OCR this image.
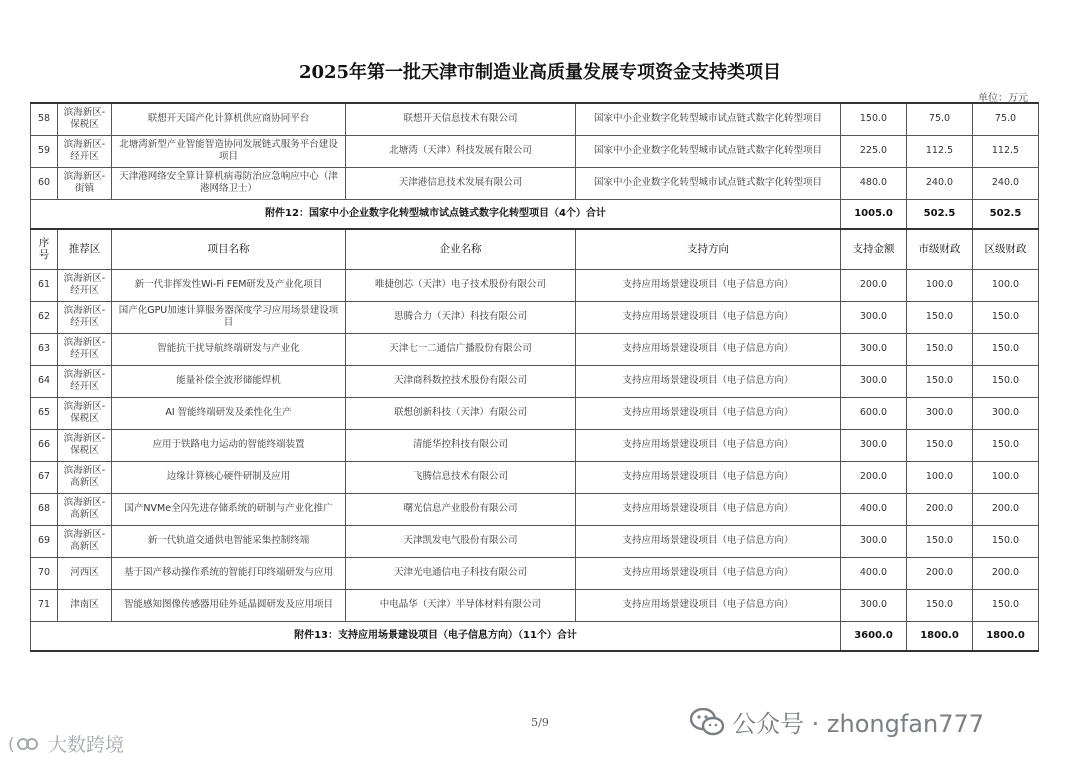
2025年第一批天津市制造业高质量发展专项资金支持类项目
单位：万元
58	滨海新区-保税区	联想开天国产化计算机供应商协同平台	联想开天信息技术有限公司	国家中小企业数字化转型城市试点链式数字化转型项目	150.0	75.0	75.0
59	滨海新区-经开区	北塘湾新型产业智能智造协同发展链式服务平台建设项目	北塘湾（天津）科技发展有限公司	国家中小企业数字化转型城市试点链式数字化转型项目	225.0	112.5	112.5
60	滨海新区-街镇	天津港网络安全算计算机病毒防治应急响应中心（津港网络卫士）	天津港信息技术发展有限公司	国家中小企业数字化转型城市试点链式数字化转型项目	480.0	240.0	240.0
附件12：国家中小企业数字化转型城市试点链式数字化转型项目（4个）合计					1005.0	502.5	502.5
序号	推荐区	项目名称	企业名称	支持方向	支持金额	市级财政	区级财政
61	滨海新区-经开区	新一代非挥发性Wi-Fi FEM研发及产业化项目	唯捷创芯（天津）电子技术股份有限公司	支持应用场景建设项目（电子信息方向）	200.0	100.0	100.0
62	滨海新区-经开区	国产化GPU加速计算服务器深度学习应用场景建设项目	思腾合力（天津）科技有限公司	支持应用场景建设项目（电子信息方向）	300.0	150.0	150.0
63	滨海新区-经开区	智能抗干扰导航终端研发与产业化	天津七一二通信广播股份有限公司	支持应用场景建设项目（电子信息方向）	300.0	150.0	150.0
64	滨海新区-经开区	能量补偿全波形储能焊机	天津商科数控技术股份有限公司	支持应用场景建设项目（电子信息方向）	300.0	150.0	150.0
65	滨海新区-保税区	AI 智能终端研发及柔性化生产	联想创新科技（天津）有限公司	支持应用场景建设项目（电子信息方向）	600.0	300.0	300.0
66	滨海新区-保税区	应用于铁路电力运动的智能终端装置	清能华控科技有限公司	支持应用场景建设项目（电子信息方向）	300.0	150.0	150.0
67	滨海新区-高新区	边缘计算核心硬件研制及应用	飞腾信息技术有限公司	支持应用场景建设项目（电子信息方向）	200.0	100.0	100.0
68	滨海新区-高新区	国产NVMe全闪先进存储系统的研制与产业化推广	曙光信息产业股份有限公司	支持应用场景建设项目（电子信息方向）	400.0	200.0	200.0
69	滨海新区-高新区	新一代轨道交通供电智能采集控制终端	天津凯发电气股份有限公司	支持应用场景建设项目（电子信息方向）	300.0	150.0	150.0
70	河西区	基于国产移动操作系统的智能打印终端研发与应用	天津光电通信电子科技有限公司	支持应用场景建设项目（电子信息方向）	400.0	200.0	200.0
71	津南区	智能感知图像传感器用硅外延晶圆研发及应用项目	中电晶华（天津）半导体材料有限公司	支持应用场景建设项目（电子信息方向）	300.0	150.0	150.0
附件13：支持应用场景建设项目（电子信息方向）（11个）合计					3600.0	1800.0	1800.0
5/9
( 大数跨境
公众号 · zhongfan777
